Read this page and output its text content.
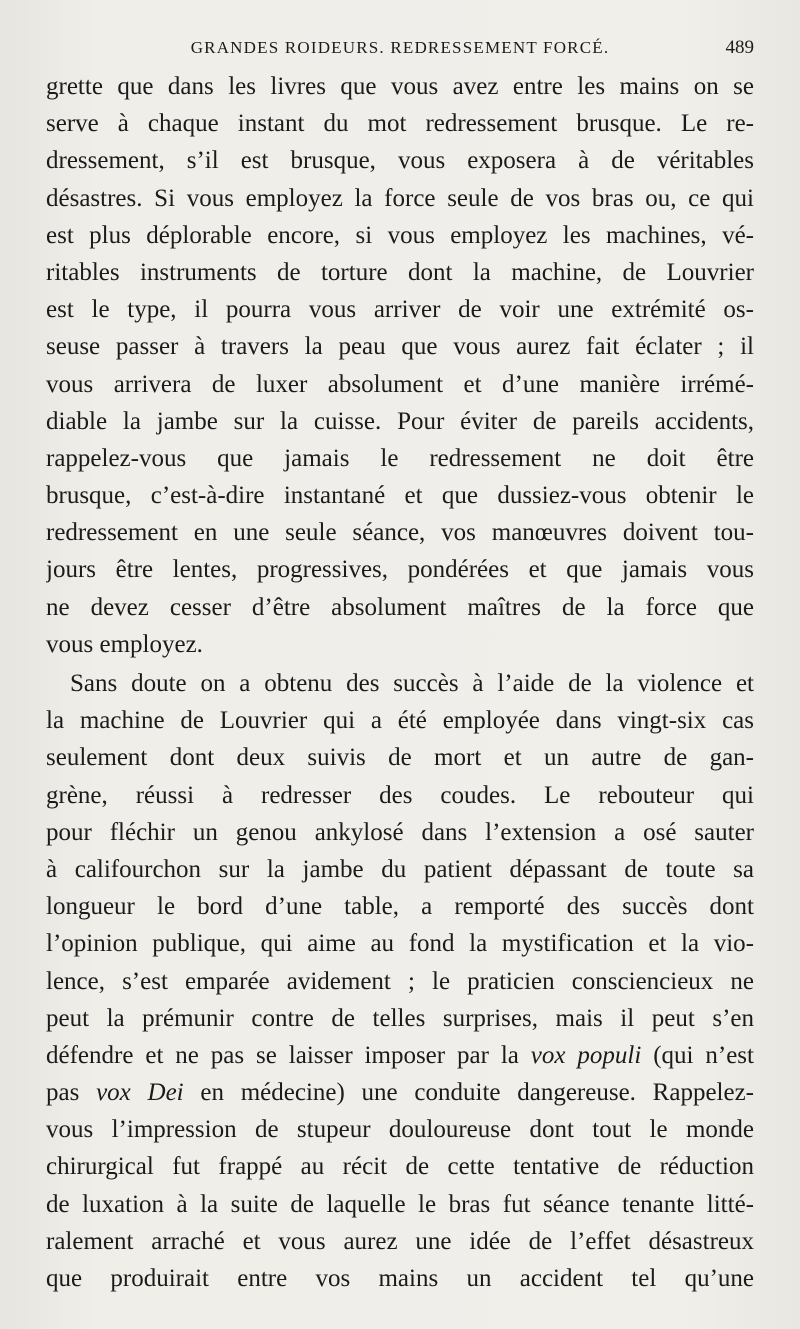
GRANDES ROIDEURS. REDRESSEMENT FORCÉ.	489
grette que dans les livres que vous avez entre les mains on se
serve à chaque instant du mot redressement brusque. Le re-
dressement, s’il est brusque, vous exposera à de véritables
désastres. Si vous employez la force seule de vos bras ou, ce qui
est plus déplorable encore, si vous employez les machines, vé-
ritables instruments de torture dont la machine, de Louvrier
est le type, il pourra vous arriver de voir une extrémité os-
seuse passer à travers la peau que vous aurez fait éclater ; il
vous arrivera de luxer absolument et d’une manière irrémé-
diable la jambe sur la cuisse. Pour éviter de pareils accidents,
rappelez-vous que jamais le redressement ne doit être
brusque, c’est-à-dire instantané et que dussiez-vous obtenir le
redressement en une seule séance, vos manœuvres doivent tou-
jours être lentes, progressives, pondérées et que jamais vous
ne devez cesser d’être absolument maîtres de la force que
vous employez.
Sans doute on a obtenu des succès à l’aide de la violence et
la machine de Louvrier qui a été employée dans vingt-six cas
seulement dont deux suivis de mort et un autre de gan-
grène, réussi à redresser des coudes. Le rebouteur qui
pour fléchir un genou ankylosé dans l’extension a osé sauter
à califourchon sur la jambe du patient dépassant de toute sa
longueur le bord d’une table, a remporté des succès dont
l’opinion publique, qui aime au fond la mystification et la vio-
lence, s’est emparée avidement ; le praticien consciencieux ne
peut la prémunir contre de telles surprises, mais il peut s’en
défendre et ne pas se laisser imposer par la vox populi (qui n’est
pas vox Dei en médecine) une conduite dangereuse. Rappelez-
vous l’impression de stupeur douloureuse dont tout le monde
chirurgical fut frappé au récit de cette tentative de réduction
de luxation à la suite de laquelle le bras fut séance tenante litté-
ralement arraché et vous aurez une idée de l’effet désastreux
que produirait entre vos mains un accident tel qu’une
